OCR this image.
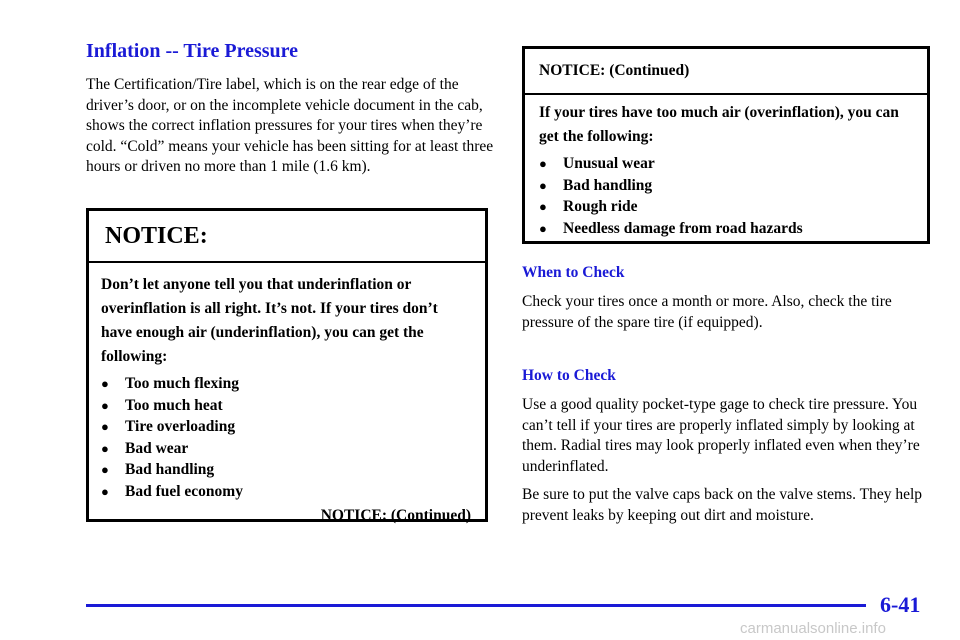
Inflation -- Tire Pressure

The Certification/Tire label, which is on the rear edge of the driver’s door, or on the incomplete vehicle document in the cab, shows the correct inflation pressures for your tires when they’re cold. “Cold” means your vehicle has been sitting for at least three hours or driven no more than 1 mile (1.6 km).

NOTICE:
Don’t let anyone tell you that underinflation or overinflation is all right. It’s not. If your tires don’t have enough air (underinflation), you can get the following:
●	Too much flexing
●	Too much heat
●	Tire overloading
●	Bad wear
●	Bad handling
●	Bad fuel economy
NOTICE: (Continued)
NOTICE: (Continued)
If your tires have too much air (overinflation), you can get the following:
●	Unusual wear
●	Bad handling
●	Rough ride
●	Needless damage from road hazards
When to Check

Check your tires once a month or more. Also, check the tire pressure of the spare tire (if equipped).

How to Check

Use a good quality pocket-type gage to check tire pressure. You can’t tell if your tires are properly inflated simply by looking at them. Radial tires may look properly inflated even when they’re underinflated.

Be sure to put the valve caps back on the valve stems. They help prevent leaks by keeping out dirt and moisture.

6-41
carmanualsonline.info
